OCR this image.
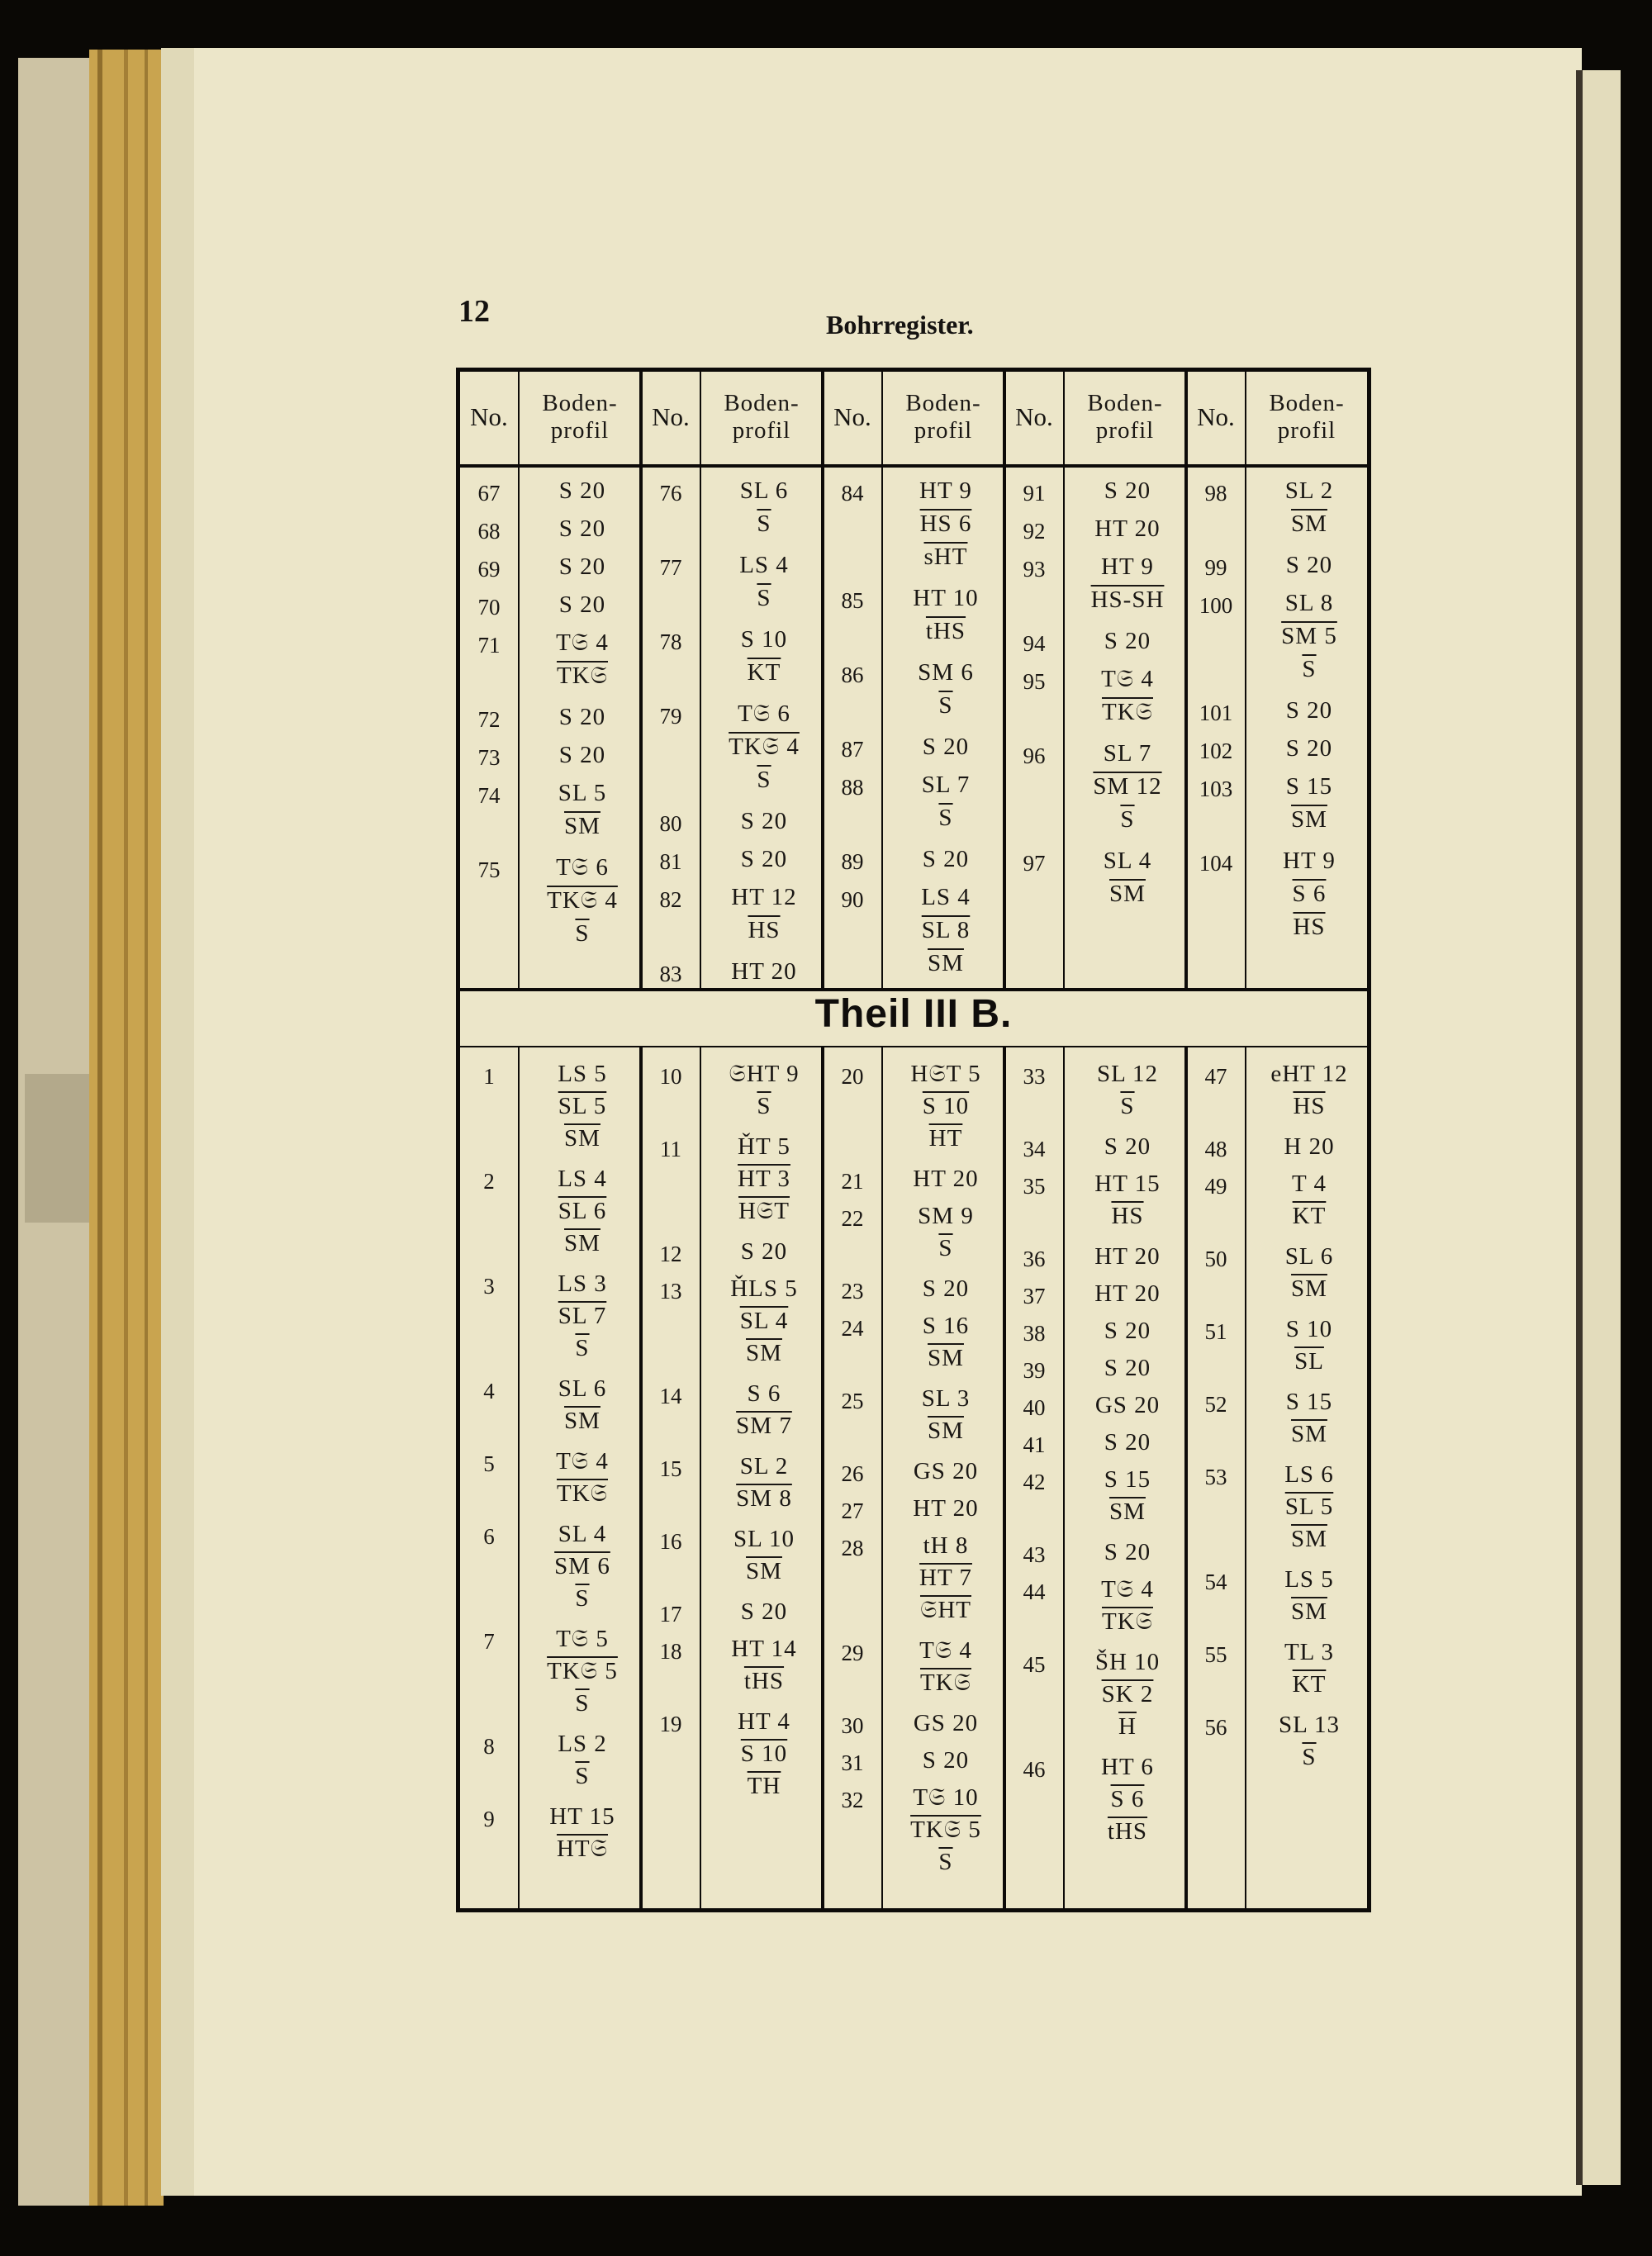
12	Bohrregister.
No.	Boden-
profil	No.	Boden-
profil	No.	Boden-
profil	No.	Boden-
profil	No.	Boden-
profil
Theil III B.
67	S 20
68	S 20
69	S 20
70	S 20
71	T𝔖 4
TK𝔖
72	S 20
73	S 20
74	SL 5
$\overline{SM}$
75	T𝔖 6
TK𝔖 4
$\overline{S}$
76	SL 6
$\overline{S}$
77	LS 4
$\overline{S}$
78	S 10
$\overline{KT}$
79	T𝔖 6
TK𝔖 4
$\overline{S}$
80	S 20
81	S 20
82	HT 12
$\overline{HS}$
83	HT 20
84	HT 9
HS 6
$\overline{sHT}$
85	HT 10
$\overline{tHS}$
86	SM 6
$\overline{S}$
87	S 20
88	SL 7
$\overline{S}$
89	S 20
90	LS 4
SL 8
$\overline{SM}$
91	S 20
92	HT 20
93	HT 9
HS-SH
94	S 20
95	T𝔖 4
TK𝔖
96	SL 7
SM 12
$\overline{S}$
97	SL 4
$\overline{SM}$
98	SL 2
$\overline{SM}$
99	S 20
100	SL 8
SM 5
$\overline{S}$
101	S 20
102	S 20
103	S 15
$\overline{SM}$
104	HT 9
S 6
$\overline{HS}$
1	LS 5
SL 5
$\overline{SM}$
2	LS 4
SL 6
$\overline{SM}$
3	LS 3
SL 7
$\overline{S}$
4	SL 6
$\overline{SM}$
5	T𝔖 4
TK𝔖
6	SL 4
SM 6
$\overline{S}$
7	T𝔖 5
TK𝔖 5
$\overline{S}$
8	LS 2
$\overline{S}$
9	HT 15
HT𝔖
10	𝔖HT 9
$\overline{S}$
11	ȞT 5
HT 3
H𝔖T
12	S 20
13	ȞLS 5
SL 4
$\overline{SM}$
14	S 6
SM 7
15	SL 2
SM 8
16	SL 10
$\overline{SM}$
17	S 20
18	HT 14
$\overline{tHS}$
19	HT 4
S 10
$\overline{TH}$
20	H𝔖T 5
S 10
$\overline{HT}$
21	HT 20
22	SM 9
$\overline{S}$
23	S 20
24	S 16
$\overline{SM}$
25	SL 3
$\overline{SM}$
26	GS 20
27	HT 20
28	tH 8
HT 7
𝔖HT
29	T𝔖 4
TK𝔖
30	GS 20
31	S 20
32	T𝔖 10
TK𝔖 5
$\overline{S}$
33	SL 12
$\overline{S}$
34	S 20
35	HT 15
$\overline{HS}$
36	HT 20
37	HT 20
38	S 20
39	S 20
40	GS 20
41	S 20
42	S 15
$\overline{SM}$
43	S 20
44	T𝔖 4
TK𝔖
45	ŠH 10
SK 2
$\overline{H}$
46	HT 6
S 6
$\overline{tHS}$
47	eHT 12
$\overline{HS}$
48	H 20
49	T 4
$\overline{KT}$
50	SL 6
$\overline{SM}$
51	S 10
$\overline{SL}$
52	S 15
$\overline{SM}$
53	LS 6
SL 5
$\overline{SM}$
54	LS 5
$\overline{SM}$
55	TL 3
$\overline{KT}$
56	SL 13
$\overline{S}$
